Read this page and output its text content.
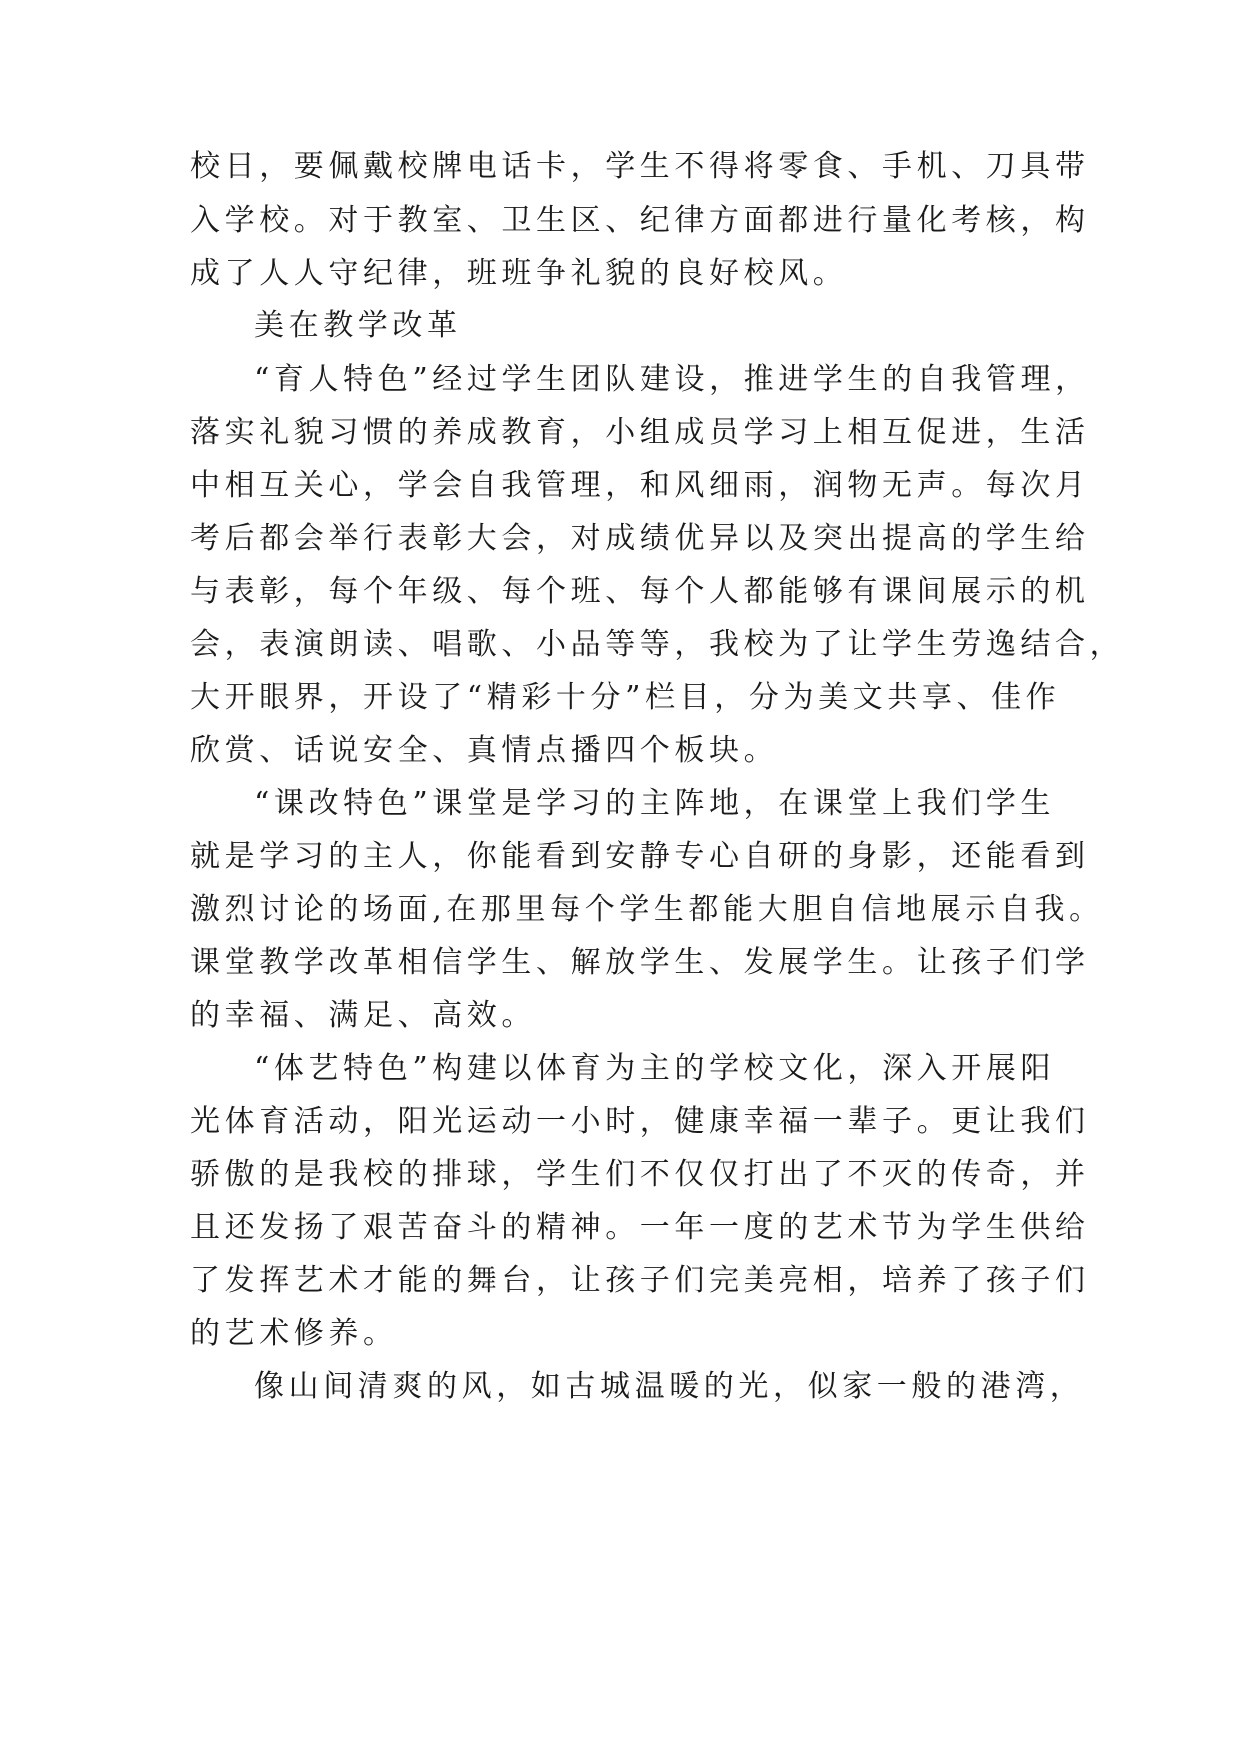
校日，要佩戴校牌电话卡，学生不得将零食、手机、刀具带
入学校。对于教室、卫生区、纪律方面都进行量化考核，构
成了人人守纪律，班班争礼貌的良好校风。
美在教学改革
“育人特色”经过学生团队建设，推进学生的自我管理，
落实礼貌习惯的养成教育，小组成员学习上相互促进，生活
中相互关心，学会自我管理，和风细雨，润物无声。每次月
考后都会举行表彰大会，对成绩优异以及突出提高的学生给
与表彰，每个年级、每个班、每个人都能够有课间展示的机
会，表演朗读、唱歌、小品等等，我校为了让学生劳逸结合，
大开眼界，开设了“精彩十分”栏目，分为美文共享、佳作
欣赏、话说安全、真情点播四个板块。
“课改特色”课堂是学习的主阵地，在课堂上我们学生
就是学习的主人，你能看到安静专心自研的身影，还能看到
激烈讨论的场面,在那里每个学生都能大胆自信地展示自我。
课堂教学改革相信学生、解放学生、发展学生。让孩子们学
的幸福、满足、高效。
“体艺特色”构建以体育为主的学校文化，深入开展阳
光体育活动，阳光运动一小时，健康幸福一辈子。更让我们
骄傲的是我校的排球，学生们不仅仅打出了不灭的传奇，并
且还发扬了艰苦奋斗的精神。一年一度的艺术节为学生供给
了发挥艺术才能的舞台，让孩子们完美亮相，培养了孩子们
的艺术修养。
像山间清爽的风，如古城温暖的光，似家一般的港湾，
